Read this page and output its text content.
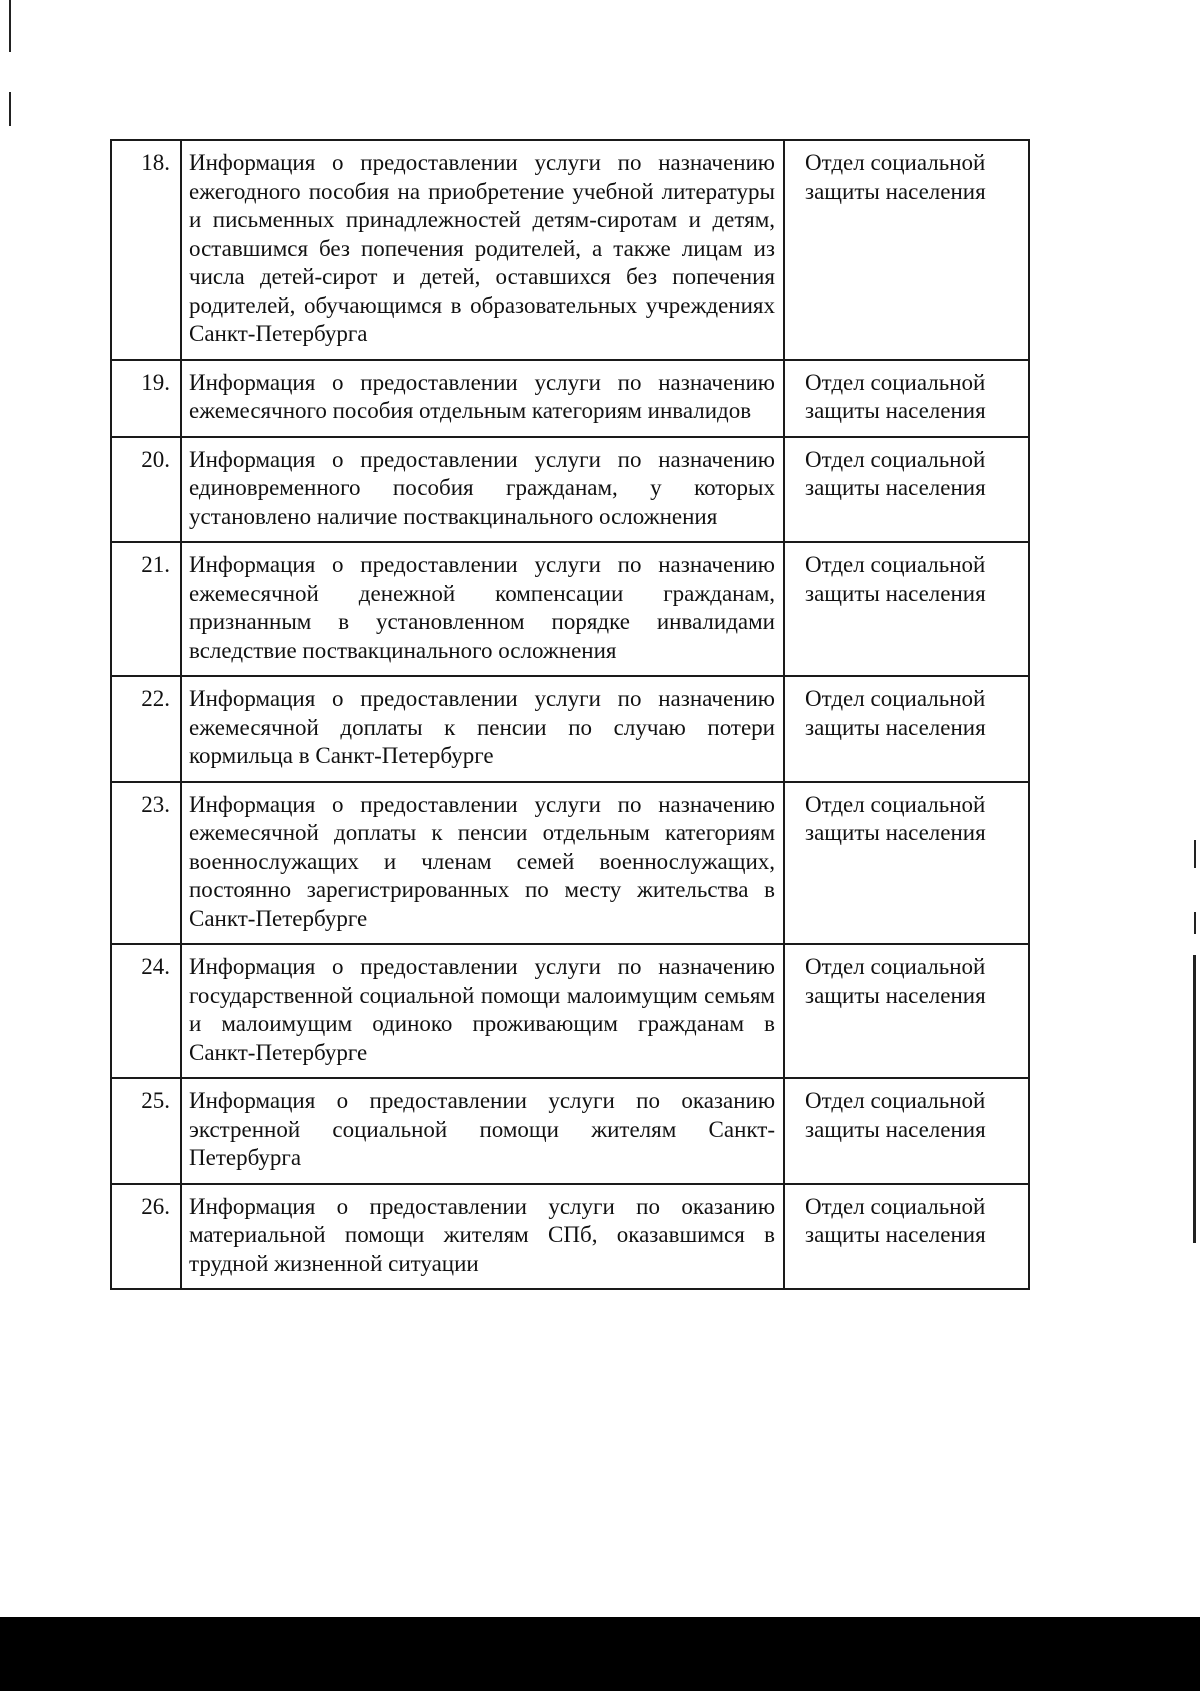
18.	Информация о предоставлении услуги по назначению ежегодного пособия на приобретение учебной литературы и письменных принадлежностей детям-сиротам и детям, оставшимся без попечения родителей, а также лицам из числа детей-сирот и детей, оставшихся без попечения родителей, обучающимся в образовательных учреждениях Санкт-Петербурга	Отдел социальной защиты населения
19.	Информация о предоставлении услуги по назначению ежемесячного пособия отдельным категориям инвалидов	Отдел социальной защиты населения
20.	Информация о предоставлении услуги по назначению единовременного пособия гражданам, у которых установлено наличие поствакцинального осложнения	Отдел социальной защиты населения
21.	Информация о предоставлении услуги по назначению ежемесячной денежной компенсации гражданам, признанным в установленном порядке инвалидами вследствие поствакцинального осложнения	Отдел социальной защиты населения
22.	Информация о предоставлении услуги по назначению ежемесячной доплаты к пенсии по случаю потери кормильца в Санкт-Петербурге	Отдел социальной защиты населения
23.	Информация о предоставлении услуги по назначению ежемесячной доплаты к пенсии отдельным категориям военнослужащих и членам семей военнослужащих, постоянно зарегистрированных по месту жительства в Санкт-Петербурге	Отдел социальной защиты населения
24.	Информация о предоставлении услуги по назначению государственной социальной помощи малоимущим семьям и малоимущим одиноко проживающим гражданам в Санкт-Петербурге	Отдел социальной защиты населения
25.	Информация о предоставлении услуги по оказанию экстренной социальной помощи жителям Санкт-Петербурга	Отдел социальной защиты населения
26.	Информация о предоставлении услуги по оказанию материальной помощи жителям СПб, оказавшимся в трудной жизненной ситуации	Отдел социальной защиты населения
